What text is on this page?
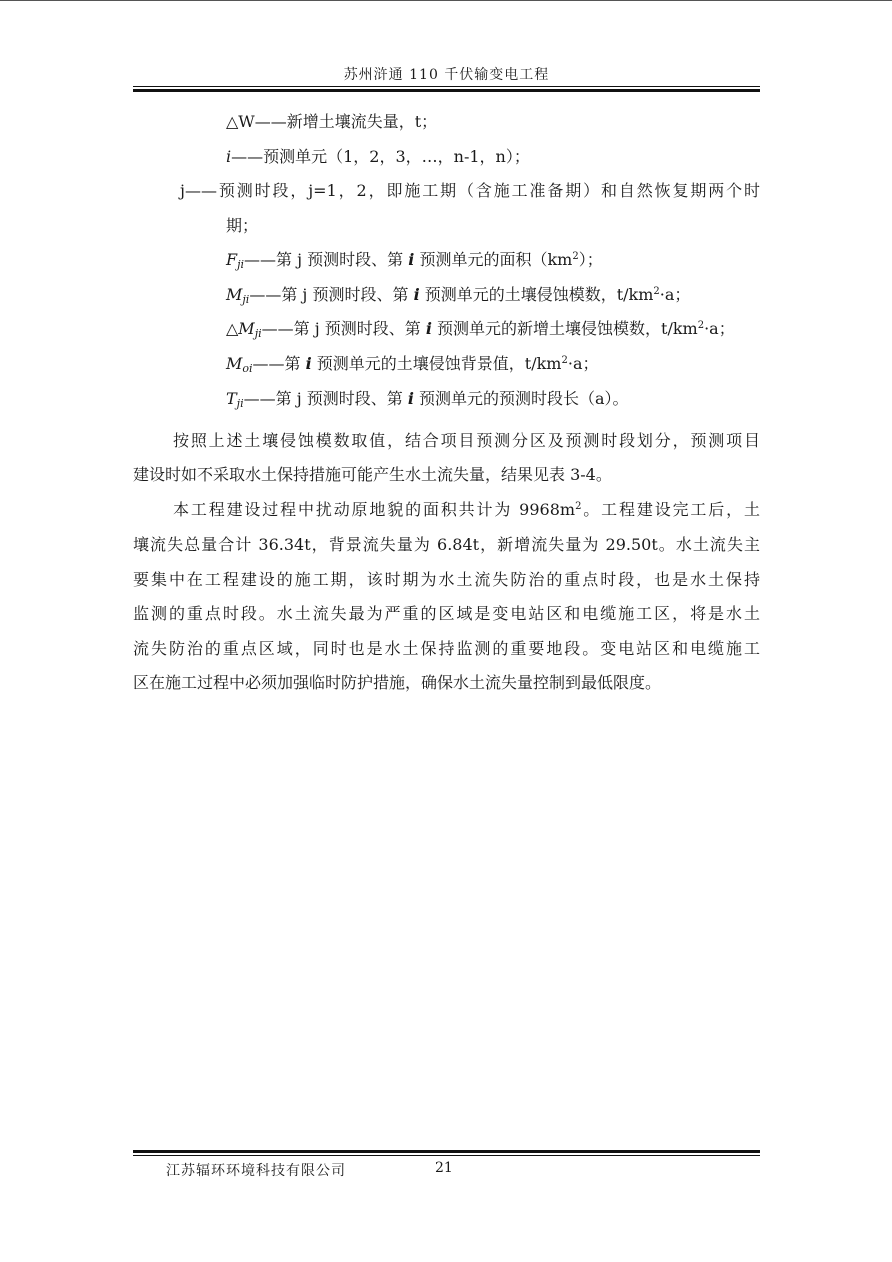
苏州浒通 110 千伏输变电工程
△W——新增土壤流失量，t；
i——预测单元（1，2，3，…，n-1，n）；
j——预测时段，j=1，2，即施工期（含施工准备期）和自然恢复期两个时
期；
$F_{ji}——$第 j 预测时段、第 i 预测单元的面积$(km^2)$；
$M_{ji}——$第 j 预测时段、第 i 预测单元的土壤侵蚀模数，$t/km^2\cdot a$；
$\triangle M_{ji}——$第 j 预测时段、第 i 预测单元的新增土壤侵蚀模数，$t/km^2\cdot a$；
$M_{oi}——$第 i 预测单元的土壤侵蚀背景值，$t/km^2\cdot a$；
$T_{ji}——$第 j 预测时段、第 i 预测单元的预测时段长（a）。
按照上述土壤侵蚀模数取值，结合项目预测分区及预测时段划分，预测项目
建设时如不采取水土保持措施可能产生水土流失量，结果见表 3-4。
本工程建设过程中扰动原地貌的面积共计为 $9968m^2$。工程建设完工后，土
壤流失总量合计 36.34t，背景流失量为 6.84t，新增流失量为 29.50t。水土流失主
要集中在工程建设的施工期，该时期为水土流失防治的重点时段，也是水土保持
监测的重点时段。水土流失最为严重的区域是变电站区和电缆施工区，将是水土
流失防治的重点区域，同时也是水土保持监测的重要地段。变电站区和电缆施工
区在施工过程中必须加强临时防护措施，确保水土流失量控制到最低限度。
江苏辐环环境科技有限公司	21
